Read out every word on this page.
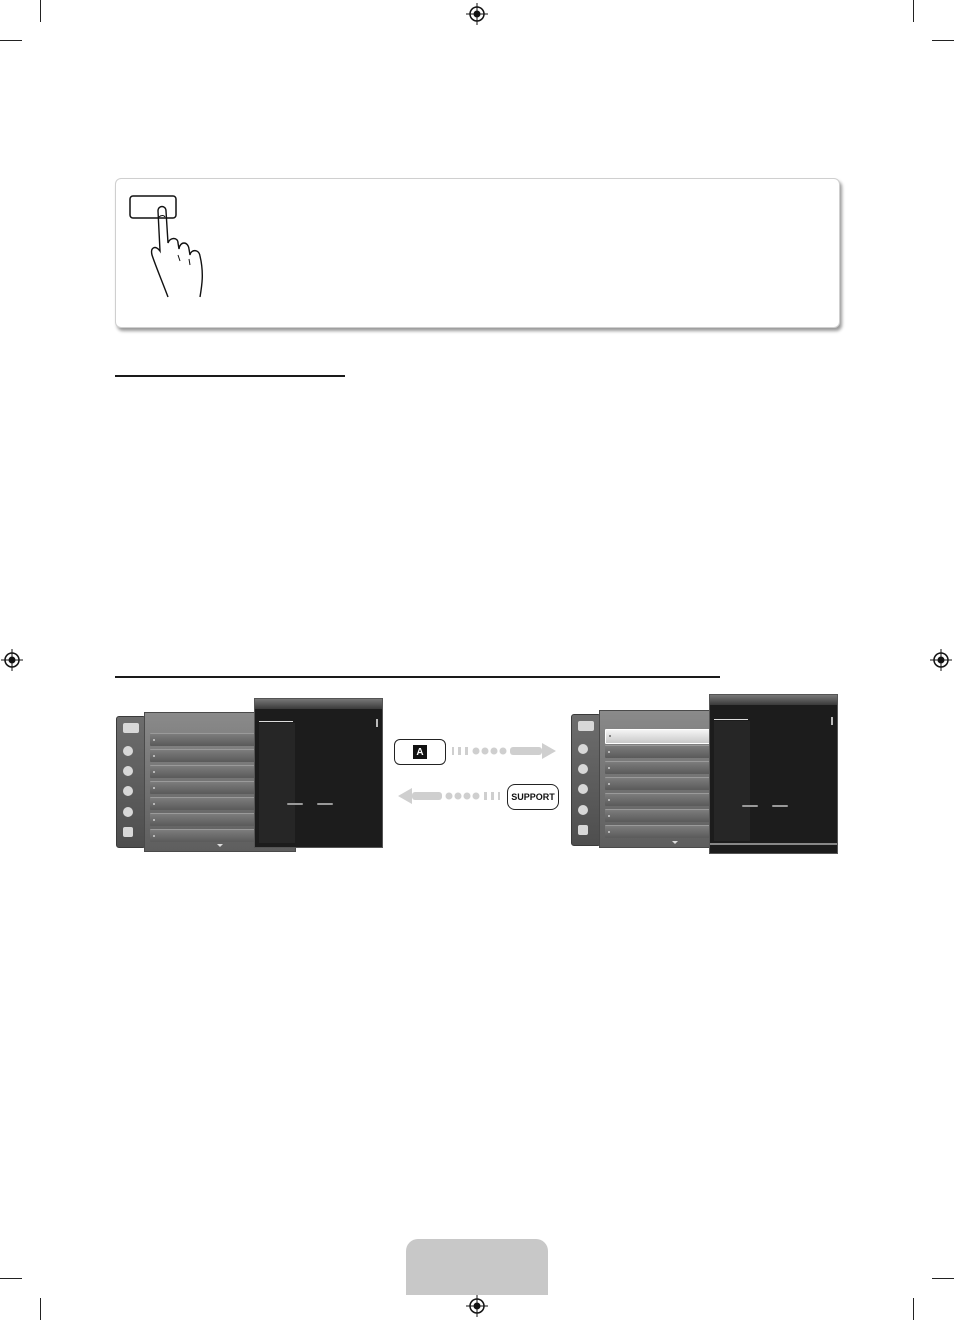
A
SUPPORT
